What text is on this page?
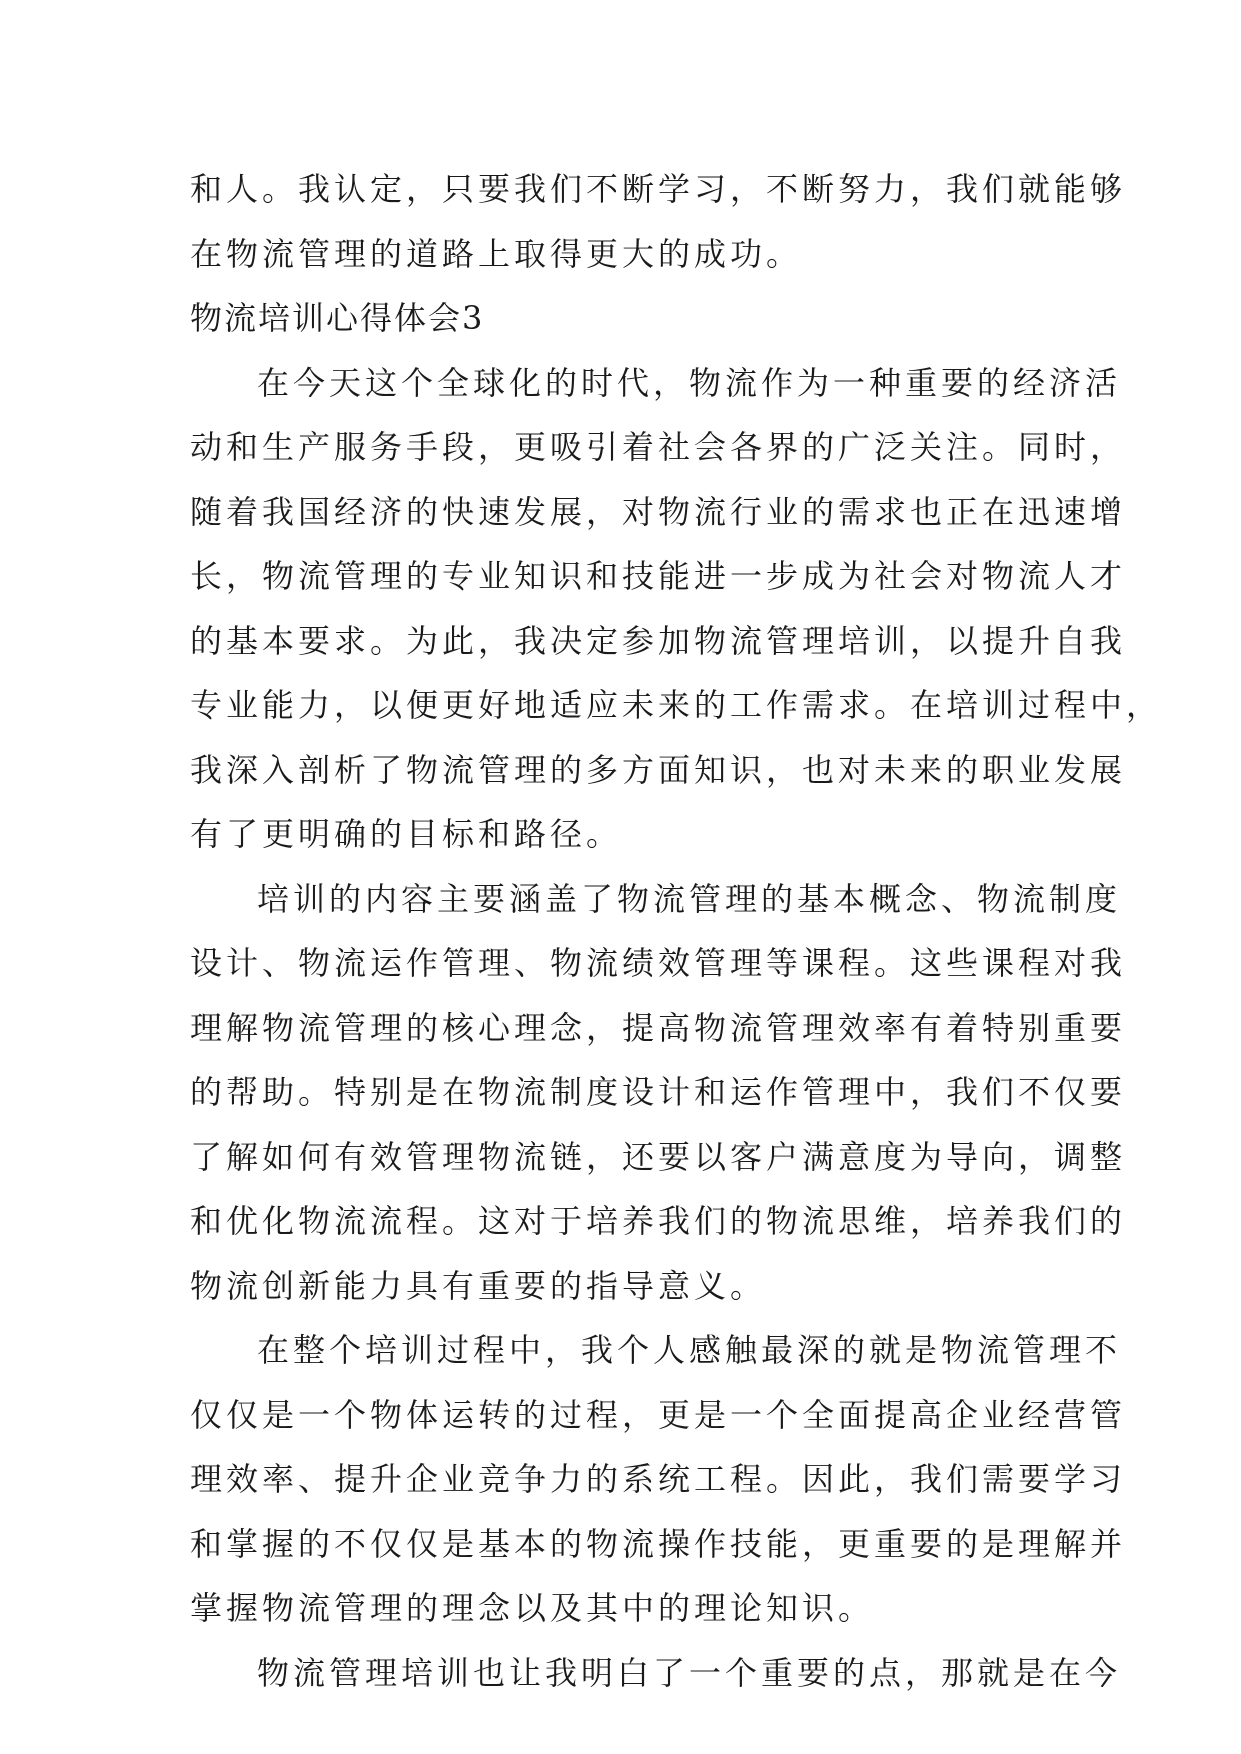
和人。我认定，只要我们不断学习，不断努力，我们就能够
在物流管理的道路上取得更大的成功。
物流培训心得体会3
在今天这个全球化的时代，物流作为一种重要的经济活
动和生产服务手段，更吸引着社会各界的广泛关注。同时，
随着我国经济的快速发展，对物流行业的需求也正在迅速增
长，物流管理的专业知识和技能进一步成为社会对物流人才
的基本要求。为此，我决定参加物流管理培训，以提升自我
专业能力，以便更好地适应未来的工作需求。在培训过程中，
我深入剖析了物流管理的多方面知识，也对未来的职业发展
有了更明确的目标和路径。
培训的内容主要涵盖了物流管理的基本概念、物流制度
设计、物流运作管理、物流绩效管理等课程。这些课程对我
理解物流管理的核心理念，提高物流管理效率有着特别重要
的帮助。特别是在物流制度设计和运作管理中，我们不仅要
了解如何有效管理物流链，还要以客户满意度为导向，调整
和优化物流流程。这对于培养我们的物流思维，培养我们的
物流创新能力具有重要的指导意义。
在整个培训过程中，我个人感触最深的就是物流管理不
仅仅是一个物体运转的过程，更是一个全面提高企业经营管
理效率、提升企业竞争力的系统工程。因此，我们需要学习
和掌握的不仅仅是基本的物流操作技能，更重要的是理解并
掌握物流管理的理念以及其中的理论知识。
物流管理培训也让我明白了一个重要的点，那就是在今
